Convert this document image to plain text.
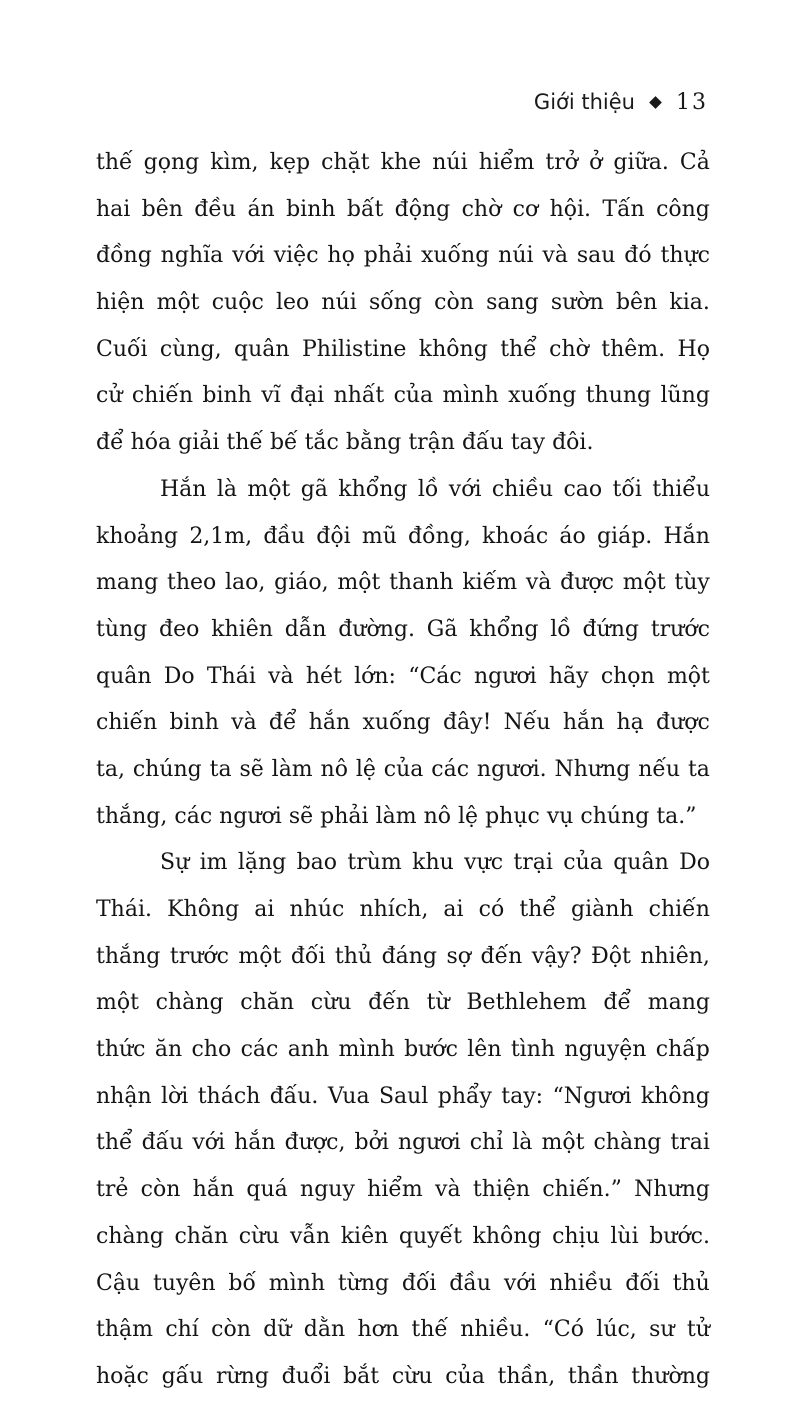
Giới thiệu 13
thế gọng kìm, kẹp chặt khe núi hiểm trở ở giữa. Cả
hai bên đều án binh bất động chờ cơ hội. Tấn công
đồng nghĩa với việc họ phải xuống núi và sau đó thực
hiện một cuộc leo núi sống còn sang sườn bên kia.
Cuối cùng, quân Philistine không thể chờ thêm. Họ
cử chiến binh vĩ đại nhất của mình xuống thung lũng
để hóa giải thế bế tắc bằng trận đấu tay đôi.
Hắn là một gã khổng lồ với chiều cao tối thiểu
khoảng 2,1m, đầu đội mũ đồng, khoác áo giáp. Hắn
mang theo lao, giáo, một thanh kiếm và được một tùy
tùng đeo khiên dẫn đường. Gã khổng lồ đứng trước
quân Do Thái và hét lớn: “Các ngươi hãy chọn một
chiến binh và để hắn xuống đây! Nếu hắn hạ được
ta, chúng ta sẽ làm nô lệ của các ngươi. Nhưng nếu ta
thắng, các ngươi sẽ phải làm nô lệ phục vụ chúng ta.”
Sự im lặng bao trùm khu vực trại của quân Do
Thái. Không ai nhúc nhích, ai có thể giành chiến
thắng trước một đối thủ đáng sợ đến vậy? Đột nhiên,
một chàng chăn cừu đến từ Bethlehem để mang
thức ăn cho các anh mình bước lên tình nguyện chấp
nhận lời thách đấu. Vua Saul phẩy tay: “Ngươi không
thể đấu với hắn được, bởi ngươi chỉ là một chàng trai
trẻ còn hắn quá nguy hiểm và thiện chiến.” Nhưng
chàng chăn cừu vẫn kiên quyết không chịu lùi bước.
Cậu tuyên bố mình từng đối đầu với nhiều đối thủ
thậm chí còn dữ dằn hơn thế nhiều. “Có lúc, sư tử
hoặc gấu rừng đuổi bắt cừu của thần, thần thường
